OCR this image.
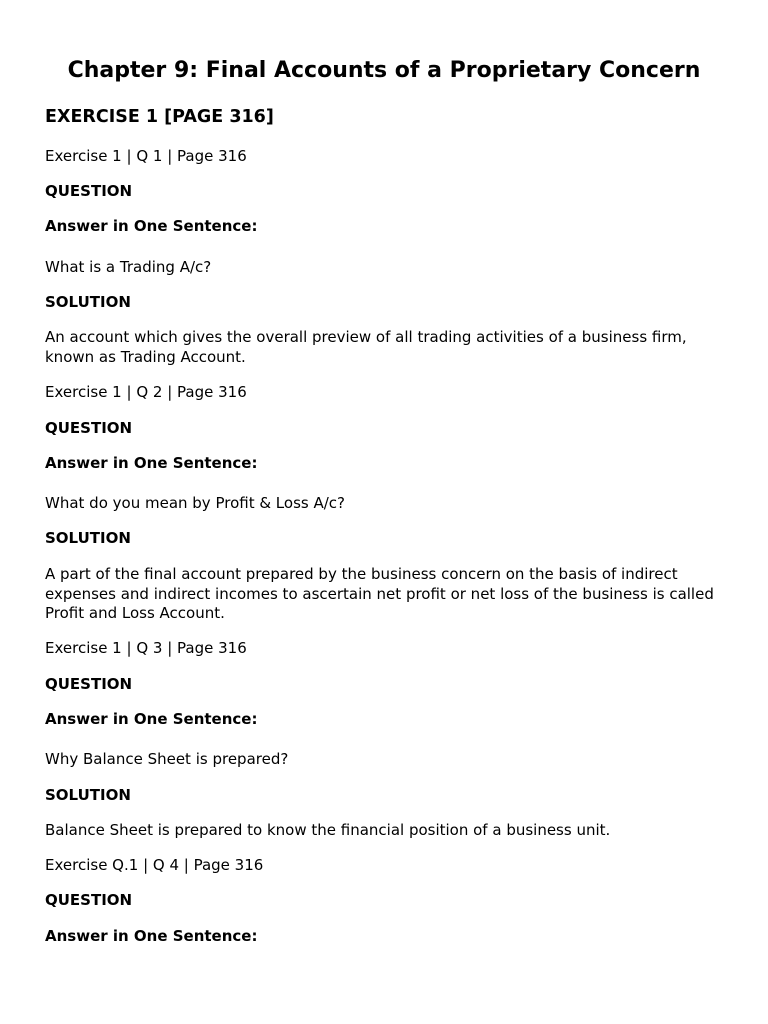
Chapter 9: Final Accounts of a Proprietary Concern
EXERCISE 1 [PAGE 316]

Exercise 1 | Q 1 | Page 316

QUESTION

Answer in One Sentence:

What is a Trading A/c?

SOLUTION

An account which gives the overall preview of all trading activities of a business firm, known as Trading Account.

Exercise 1 | Q 2 | Page 316

QUESTION

Answer in One Sentence:

What do you mean by Profit & Loss A/c?

SOLUTION

A part of the final account prepared by the business concern on the basis of indirect expenses and indirect incomes to ascertain net profit or net loss of the business is called Profit and Loss Account.

Exercise 1 | Q 3 | Page 316

QUESTION

Answer in One Sentence:

Why Balance Sheet is prepared?

SOLUTION

Balance Sheet is prepared to know the financial position of a business unit.

Exercise Q.1 | Q 4 | Page 316

QUESTION

Answer in One Sentence:
